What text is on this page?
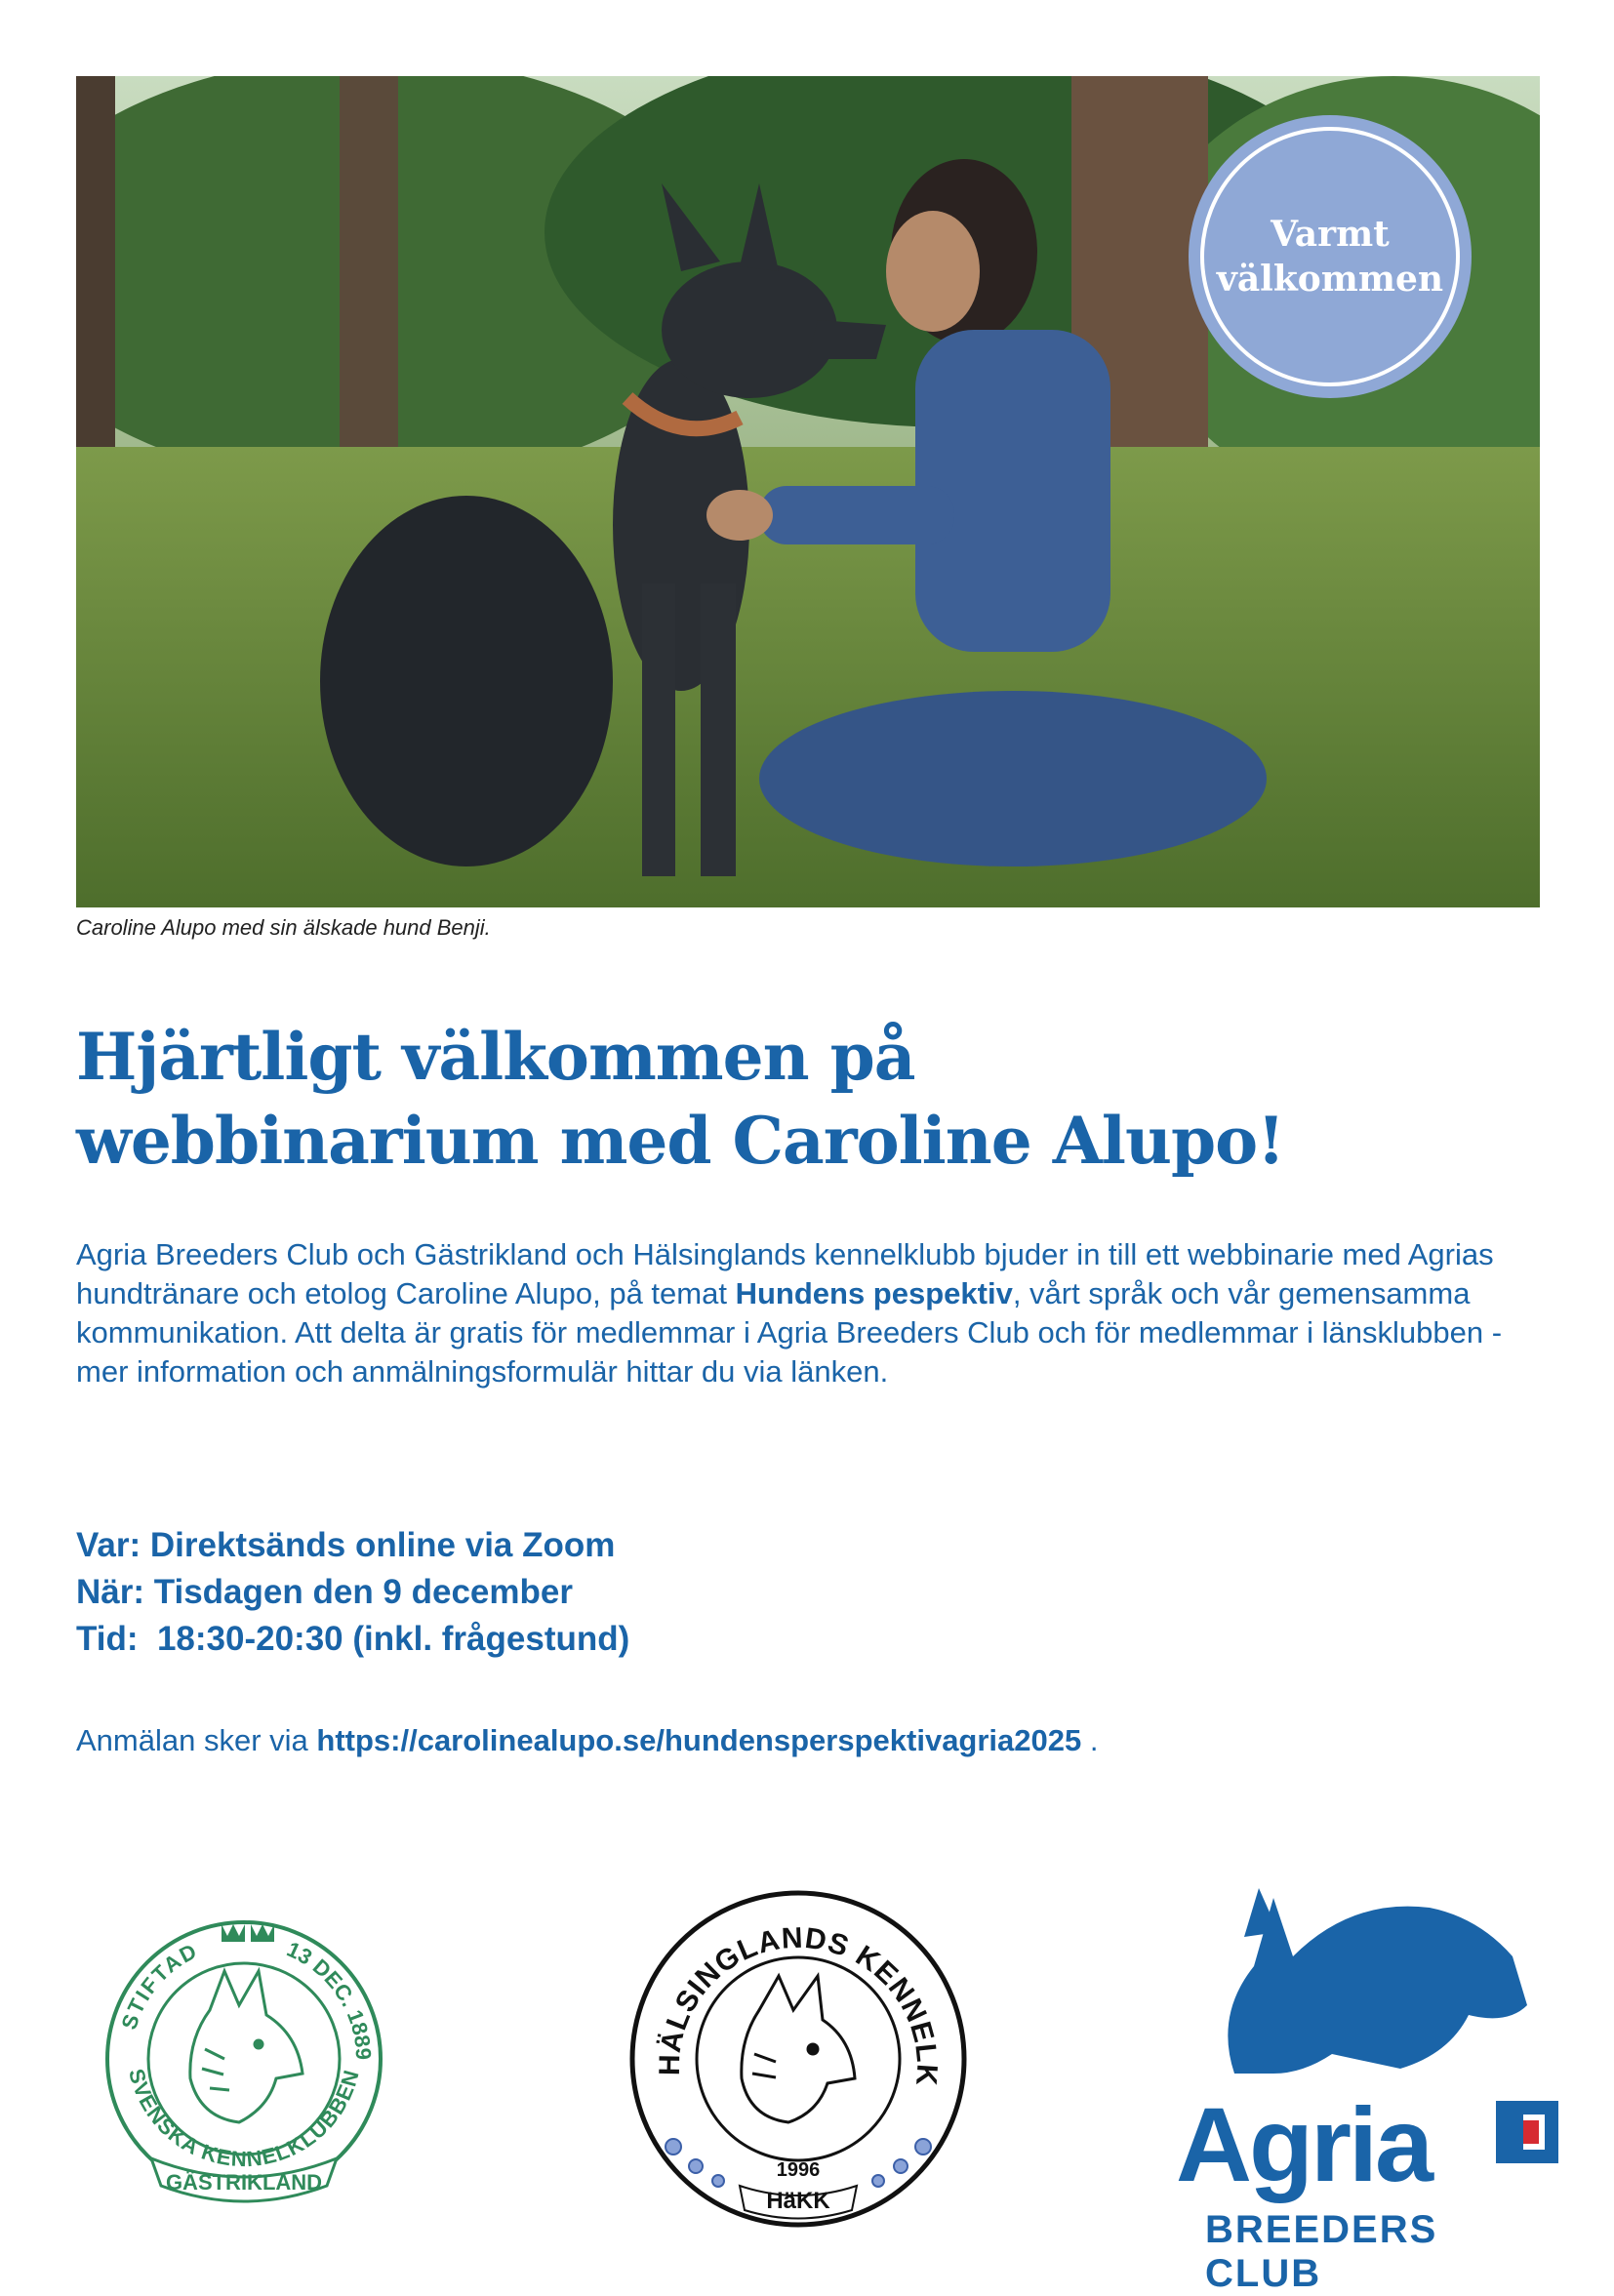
Varmt
välkommen
Caroline Alupo med sin älskade hund Benji.
Hjärtligt välkommen på
webbinarium med Caroline Alupo!

Agria Breeders Club och Gästrikland och Hälsinglands kennelklubb bjuder in till ett webbinarie med Agrias hundtränare och etolog Caroline Alupo, på temat Hundens pespektiv, vårt språk och vår gemensamma kommunikation. Att delta är gratis för medlemmar i Agria Breeders Club och för medlemmar i länsklubben - mer information och anmälningsformulär hittar du via länken.

Var: Direktsänds online via Zoom
När: Tisdagen den 9 december
Tid:  18:30-20:30 (inkl. frågestund)
Anmälan sker via https://carolinealupo.se/hundensperspektivagria2025 .
STIFTAD	13 DEC. 1889
SVENSKA KENNELKLUBBEN
GÄSTRIKLAND
HÄLSINGLANDS KENNELK
1996
HäKK	Agria
BREEDERS CLUB
